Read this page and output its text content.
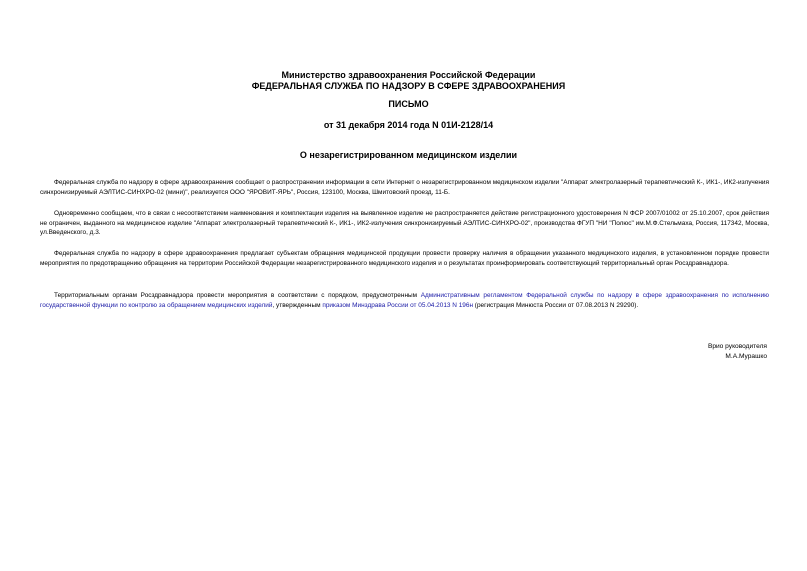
Министерство здравоохранения Российской Федерации
ФЕДЕРАЛЬНАЯ СЛУЖБА ПО НАДЗОРУ В СФЕРЕ ЗДРАВООХРАНЕНИЯ
ПИСЬМО
от 31 декабря 2014 года N 01И-2128/14
О незарегистрированном медицинском изделии
Федеральная служба по надзору в сфере здравоохранения сообщает о распространении информации в сети Интернет о незарегистрированном медицинском изделии "Аппарат электролазерный терапевтический К-, ИК1-, ИК2-излучения синхронизируемый АЭЛТИС-СИНХРО-02 (мини)", реализуется ООО "ЯРОВИТ-ЯРЬ", Россия, 123100, Москва, Шмитовский проезд, 11-Б.
Одновременно сообщаем, что в связи с несоответствием наименования и комплектации изделия на выявленное изделие не распространяется действие регистрационного удостоверения N ФСР 2007/01002 от 25.10.2007, срок действия не ограничен, выданного на медицинское изделие "Аппарат электролазерный терапевтический К-, ИК1-, ИК2-излучения синхронизируемый АЭЛТИС-СИНХРО-02", производства ФГУП "НИ "Полюс" им.М.Ф.Стельмаха, Россия, 117342, Москва, ул.Введенского, д.3.
Федеральная служба по надзору в сфере здравоохранения предлагает субъектам обращения медицинской продукции провести проверку наличия в обращении указанного медицинского изделия, в установленном порядке провести мероприятия по предотвращению обращения на территории Российской Федерации незарегистрированного медицинского изделия и о результатах проинформировать соответствующий территориальный орган Росздравнадзора.
Территориальным органам Росздравнадзора провести мероприятия в соответствии с порядком, предусмотренным Административным регламентом Федеральной службы по надзору в сфере здравоохранения по исполнению государственной функции по контролю за обращением медицинских изделий, утвержденным приказом Минздрава России от 05.04.2013 N 196н (регистрация Минюста России от 07.08.2013 N 29290).
Врио руководителя
М.А.Мурашко
